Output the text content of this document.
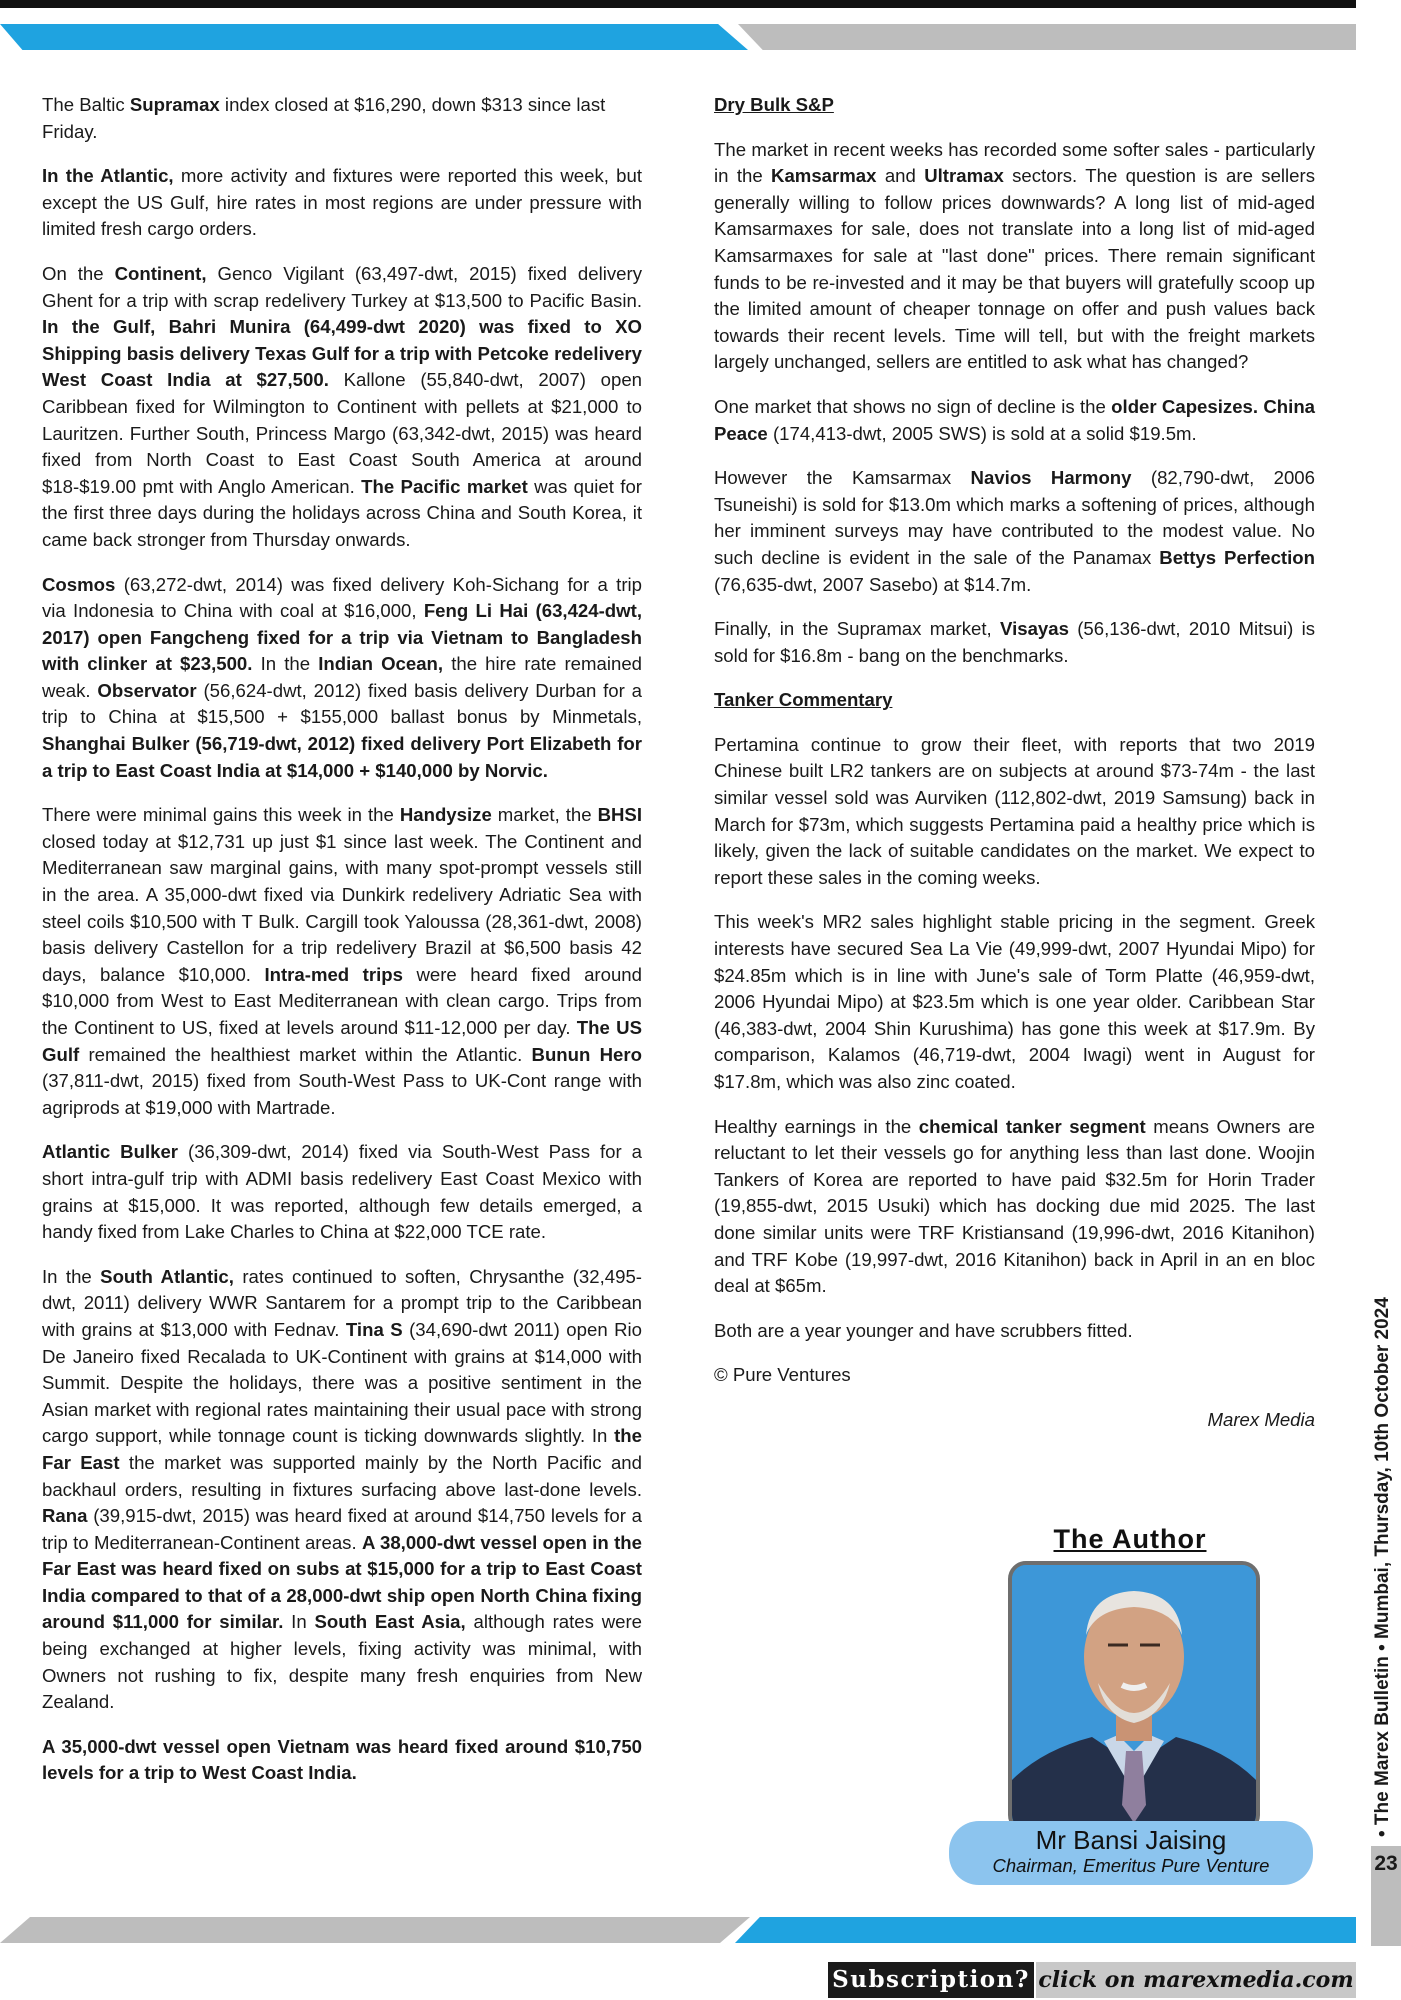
The Baltic Supramax index closed at $16,290, down $313 since last Friday.

In the Atlantic, more activity and fixtures were reported this week, but except the US Gulf, hire rates in most regions are under pressure with limited fresh cargo orders.

On the Continent, Genco Vigilant (63,497-dwt, 2015) fixed delivery Ghent for a trip with scrap redelivery Turkey at $13,500 to Pacific Basin. In the Gulf, Bahri Munira (64,499-dwt 2020) was fixed to XO Shipping basis delivery Texas Gulf for a trip with Petcoke redelivery West Coast India at $27,500. Kallone (55,840-dwt, 2007) open Caribbean fixed for Wilmington to Continent with pellets at $21,000 to Lauritzen. Further South, Princess Margo (63,342-dwt, 2015) was heard fixed from North Coast to East Coast South America at around $18-$19.00 pmt with Anglo American. The Pacific market was quiet for the first three days during the holidays across China and South Korea, it came back stronger from Thursday onwards.

Cosmos (63,272-dwt, 2014) was fixed delivery Koh-Sichang for a trip via Indonesia to China with coal at $16,000, Feng Li Hai (63,424-dwt, 2017) open Fangcheng fixed for a trip via Vietnam to Bangladesh with clinker at $23,500. In the Indian Ocean, the hire rate remained weak. Observator (56,624-dwt, 2012) fixed basis delivery Durban for a trip to China at $15,500 + $155,000 ballast bonus by Minmetals, Shanghai Bulker (56,719-dwt, 2012) fixed delivery Port Elizabeth for a trip to East Coast India at $14,000 + $140,000 by Norvic.

There were minimal gains this week in the Handysize market, the BHSI closed today at $12,731 up just $1 since last week. The Continent and Mediterranean saw marginal gains, with many spot-prompt vessels still in the area. A 35,000-dwt fixed via Dunkirk redelivery Adriatic Sea with steel coils $10,500 with T Bulk. Cargill took Yaloussa (28,361-dwt, 2008) basis delivery Castellon for a trip redelivery Brazil at $6,500 basis 42 days, balance $10,000. Intra-med trips were heard fixed around $10,000 from West to East Mediterranean with clean cargo. Trips from the Continent to US, fixed at levels around $11-12,000 per day. The US Gulf remained the healthiest market within the Atlantic. Bunun Hero (37,811-dwt, 2015) fixed from South-West Pass to UK-Cont range with agriprods at $19,000 with Martrade.

Atlantic Bulker (36,309-dwt, 2014) fixed via South-West Pass for a short intra-gulf trip with ADMI basis redelivery East Coast Mexico with grains at $15,000. It was reported, although few details emerged, a handy fixed from Lake Charles to China at $22,000 TCE rate.

In the South Atlantic, rates continued to soften, Chrysanthe (32,495-dwt, 2011) delivery WWR Santarem for a prompt trip to the Caribbean with grains at $13,000 with Fednav. Tina S (34,690-dwt 2011) open Rio De Janeiro fixed Recalada to UK-Continent with grains at $14,000 with Summit. Despite the holidays, there was a positive sentiment in the Asian market with regional rates maintaining their usual pace with strong cargo support, while tonnage count is ticking downwards slightly. In the Far East the market was supported mainly by the North Pacific and backhaul orders, resulting in fixtures surfacing above last-done levels. Rana (39,915-dwt, 2015) was heard fixed at around $14,750 levels for a trip to Mediterranean-Continent areas. A 38,000-dwt vessel open in the Far East was heard fixed on subs at $15,000 for a trip to East Coast India compared to that of a 28,000-dwt ship open North China fixing around $11,000 for similar. In South East Asia, although rates were being exchanged at higher levels, fixing activity was minimal, with Owners not rushing to fix, despite many fresh enquiries from New Zealand.

A 35,000-dwt vessel open Vietnam was heard fixed around $10,750 levels for a trip to West Coast India.

Dry Bulk S&P

The market in recent weeks has recorded some softer sales - particularly in the Kamsarmax and Ultramax sectors. The question is are sellers generally willing to follow prices downwards? A long list of mid-aged Kamsarmaxes for sale, does not translate into a long list of mid-aged Kamsarmaxes for sale at "last done" prices. There remain significant funds to be re-invested and it may be that buyers will gratefully scoop up the limited amount of cheaper tonnage on offer and push values back towards their recent levels. Time will tell, but with the freight markets largely unchanged, sellers are entitled to ask what has changed?

One market that shows no sign of decline is the older Capesizes. China Peace (174,413-dwt, 2005 SWS) is sold at a solid $19.5m.

However the Kamsarmax Navios Harmony (82,790-dwt, 2006 Tsuneishi) is sold for $13.0m which marks a softening of prices, although her imminent surveys may have contributed to the modest value. No such decline is evident in the sale of the Panamax Bettys Perfection (76,635-dwt, 2007 Sasebo) at $14.7m.

Finally, in the Supramax market, Visayas (56,136-dwt, 2010 Mitsui) is sold for $16.8m - bang on the benchmarks.

Tanker Commentary

Pertamina continue to grow their fleet, with reports that two 2019 Chinese built LR2 tankers are on subjects at around $73-74m - the last similar vessel sold was Aurviken (112,802-dwt, 2019 Samsung) back in March for $73m, which suggests Pertamina paid a healthy price which is likely, given the lack of suitable candidates on the market. We expect to report these sales in the coming weeks.

This week's MR2 sales highlight stable pricing in the segment. Greek interests have secured Sea La Vie (49,999-dwt, 2007 Hyundai Mipo) for $24.85m which is in line with June's sale of Torm Platte (46,959-dwt, 2006 Hyundai Mipo) at $23.5m which is one year older. Caribbean Star (46,383-dwt, 2004 Shin Kurushima) has gone this week at $17.9m. By comparison, Kalamos (46,719-dwt, 2004 Iwagi) went in August for $17.8m, which was also zinc coated.

Healthy earnings in the chemical tanker segment means Owners are reluctant to let their vessels go for anything less than last done. Woojin Tankers of Korea are reported to have paid $32.5m for Horin Trader (19,855-dwt, 2015 Usuki) which has docking due mid 2025. The last done similar units were TRF Kristiansand (19,996-dwt, 2016 Kitanihon) and TRF Kobe (19,997-dwt, 2016 Kitanihon) back in April in an en bloc deal at $65m.

Both are a year younger and have scrubbers fitted.

© Pure Ventures

Marex Media

The Author
Mr Bansi Jaising
Chairman, Emeritus Pure Venture
• The Marex Bulletin • Mumbai, Thursday, 10th October 2024
23
Subscription? click on marexmedia.com
